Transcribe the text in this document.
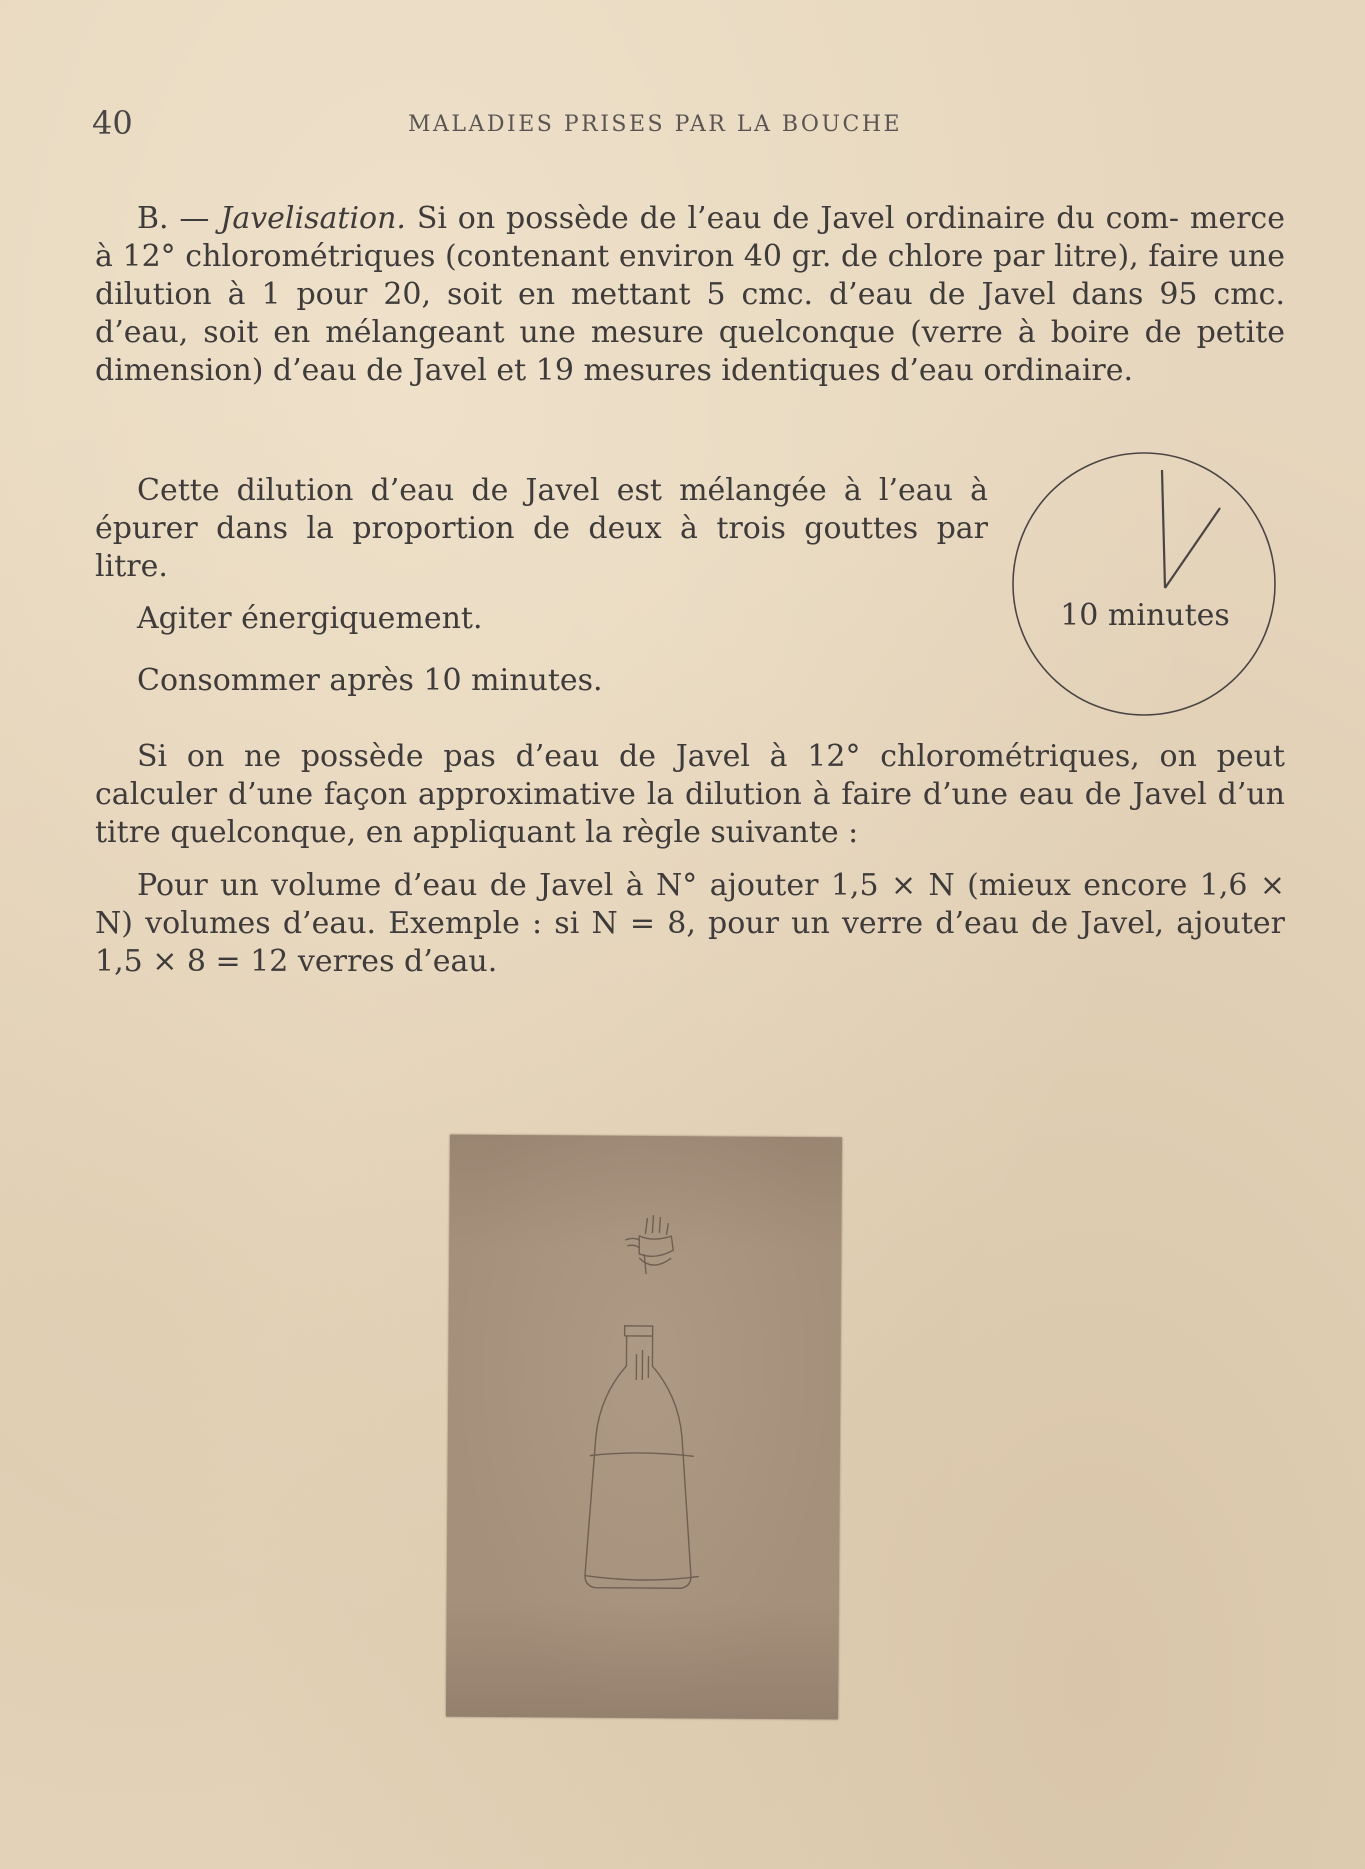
40	MALADIES PRISES PAR LA BOUCHE
B. — Javelisation. Si on possède de l’eau de Javel ordinaire du com- merce à 12° chlorométriques (contenant environ 40 gr. de chlore par litre), faire une dilution à 1 pour 20, soit en mettant 5 cmc. d’eau de Javel dans 95 cmc. d’eau, soit en mélangeant une mesure quelconque (verre à boire de petite dimension) d’eau de Javel et 19 mesures identiques d’eau ordinaire.
Cette dilution d’eau de Javel est mélangée à l’eau à épurer dans la proportion de deux à trois gouttes par litre.
Agiter énergiquement.
Consommer après 10 minutes.
10 minutes
Si on ne possède pas d’eau de Javel à 12° chlorométriques, on peut calculer d’une façon approximative la dilution à faire d’une eau de Javel d’un titre quelconque, en appliquant la règle suivante :
Pour un volume d’eau de Javel à N° ajouter 1,5 × N (mieux encore 1,6 × N) volumes d’eau. Exemple : si N = 8, pour un verre d’eau de Javel, ajouter 1,5 × 8 = 12 verres d’eau.
